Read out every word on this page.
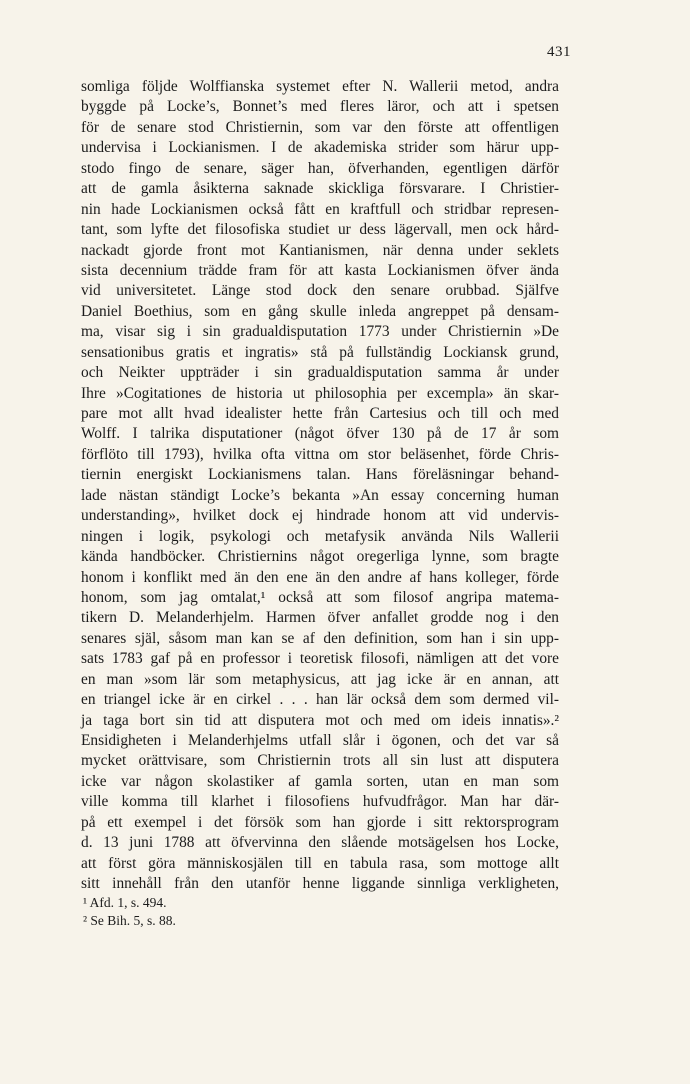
431
somliga följde Wolffianska systemet efter N. Wallerii metod, andra
byggde på Locke’s, Bonnet’s med fleres läror, och att i spetsen
för de senare stod Christiernin, som var den förste att offentligen
undervisa i Lockianismen. I de akademiska strider som härur upp-
stodo fingo de senare, säger han, öfverhanden, egentligen därför
att de gamla åsikterna saknade skickliga försvarare. I Christier-
nin hade Lockianismen också fått en kraftfull och stridbar represen-
tant, som lyfte det filosofiska studiet ur dess lägervall, men ock hård-
nackadt gjorde front mot Kantianismen, när denna under seklets
sista decennium trädde fram för att kasta Lockianismen öfver ända
vid universitetet. Länge stod dock den senare orubbad. Själfve
Daniel Boethius, som en gång skulle inleda angreppet på densam-
ma, visar sig i sin gradualdisputation 1773 under Christiernin »De
sensationibus gratis et ingratis» stå på fullständig Lockiansk grund,
och Neikter uppträder i sin gradualdisputation samma år under
Ihre »Cogitationes de historia ut philosophia per excempla» än skar-
pare mot allt hvad idealister hette från Cartesius och till och med
Wolff. I talrika disputationer (något öfver 130 på de 17 år som
förflöto till 1793), hvilka ofta vittna om stor beläsenhet, förde Chris-
tiernin energiskt Lockianismens talan. Hans föreläsningar behand-
lade nästan ständigt Locke’s bekanta »An essay concerning human
understanding», hvilket dock ej hindrade honom att vid undervis-
ningen i logik, psykologi och metafysik använda Nils Wallerii
kända handböcker. Christiernins något oregerliga lynne, som bragte
honom i konflikt med än den ene än den andre af hans kolleger, förde
honom, som jag omtalat,¹ också att som filosof angripa matema-
tikern D. Melanderhjelm. Harmen öfver anfallet grodde nog i den
senares själ, såsom man kan se af den definition, som han i sin upp-
sats 1783 gaf på en professor i teoretisk filosofi, nämligen att det vore
en man »som lär som metaphysicus, att jag icke är en annan, att
en triangel icke är en cirkel . . . han lär också dem som dermed vil-
ja taga bort sin tid att disputera mot och med om ideis innatis».²
Ensidigheten i Melanderhjelms utfall slår i ögonen, och det var så
mycket orättvisare, som Christiernin trots all sin lust att disputera
icke var någon skolastiker af gamla sorten, utan en man som
ville komma till klarhet i filosofiens hufvudfrågor. Man har där-
på ett exempel i det försök som han gjorde i sitt rektorsprogram
d. 13 juni 1788 att öfvervinna den slående motsägelsen hos Locke,
att först göra människosjälen till en tabula rasa, som mottoge allt
sitt innehåll från den utanför henne liggande sinnliga verkligheten,
¹ Afd. 1, s. 494.
² Se Bih. 5, s. 88.
